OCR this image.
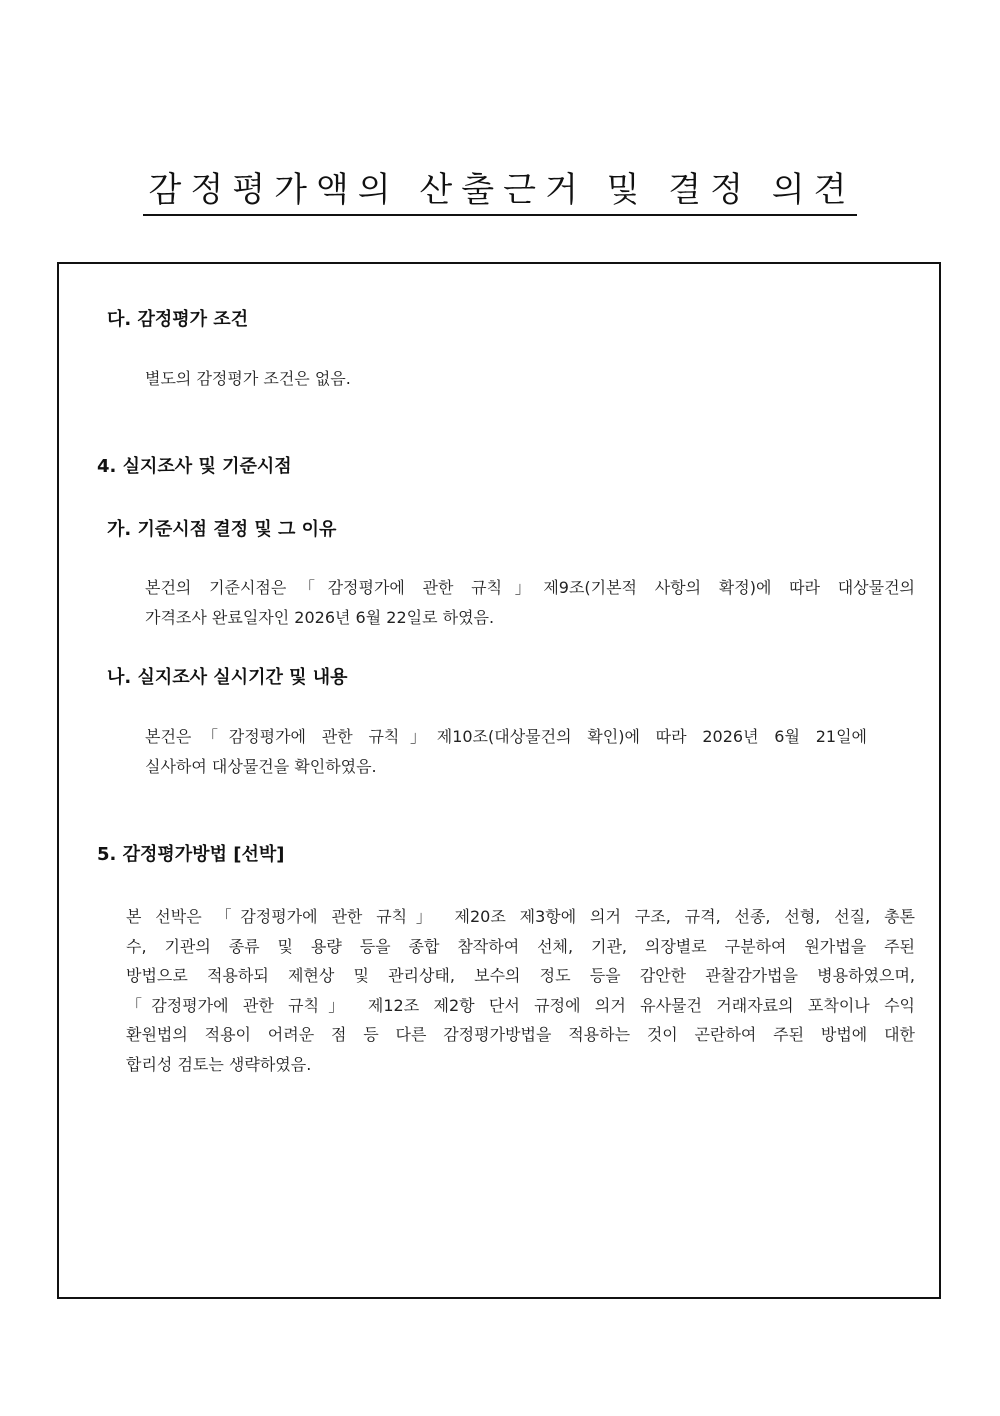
감정평가액의 산출근거 및 결정 의견
다. 감정평가 조건
별도의 감정평가 조건은 없음.
4. 실지조사 및 기준시점
가. 기준시점 결정 및 그 이유
본건의 기준시점은「감정평가에 관한 규칙」제9조(기본적 사항의 확정)에 따라 대상물건의
가격조사 완료일자인 2026년 6월 22일로 하였음.
나. 실지조사 실시기간 및 내용
본건은「감정평가에 관한 규칙」제10조(대상물건의 확인)에 따라 2026년 6월 21일에
실사하여 대상물건을 확인하였음.
5. 감정평가방법 [선박]
본 선박은 「감정평가에 관한 규칙」 제20조 제3항에 의거 구조, 규격, 선종, 선형, 선질, 총톤
수, 기관의 종류 및 용량 등을 종합 참작하여 선체, 기관, 의장별로 구분하여 원가법을 주된
방법으로 적용하되 제현상 및 관리상태, 보수의 정도 등을 감안한 관찰감가법을 병용하였으며,
「감정평가에 관한 규칙」 제12조 제2항 단서 규정에 의거 유사물건 거래자료의 포착이나 수익
환원법의 적용이 어려운 점 등 다른 감정평가방법을 적용하는 것이 곤란하여 주된 방법에 대한
합리성 검토는 생략하였음.
